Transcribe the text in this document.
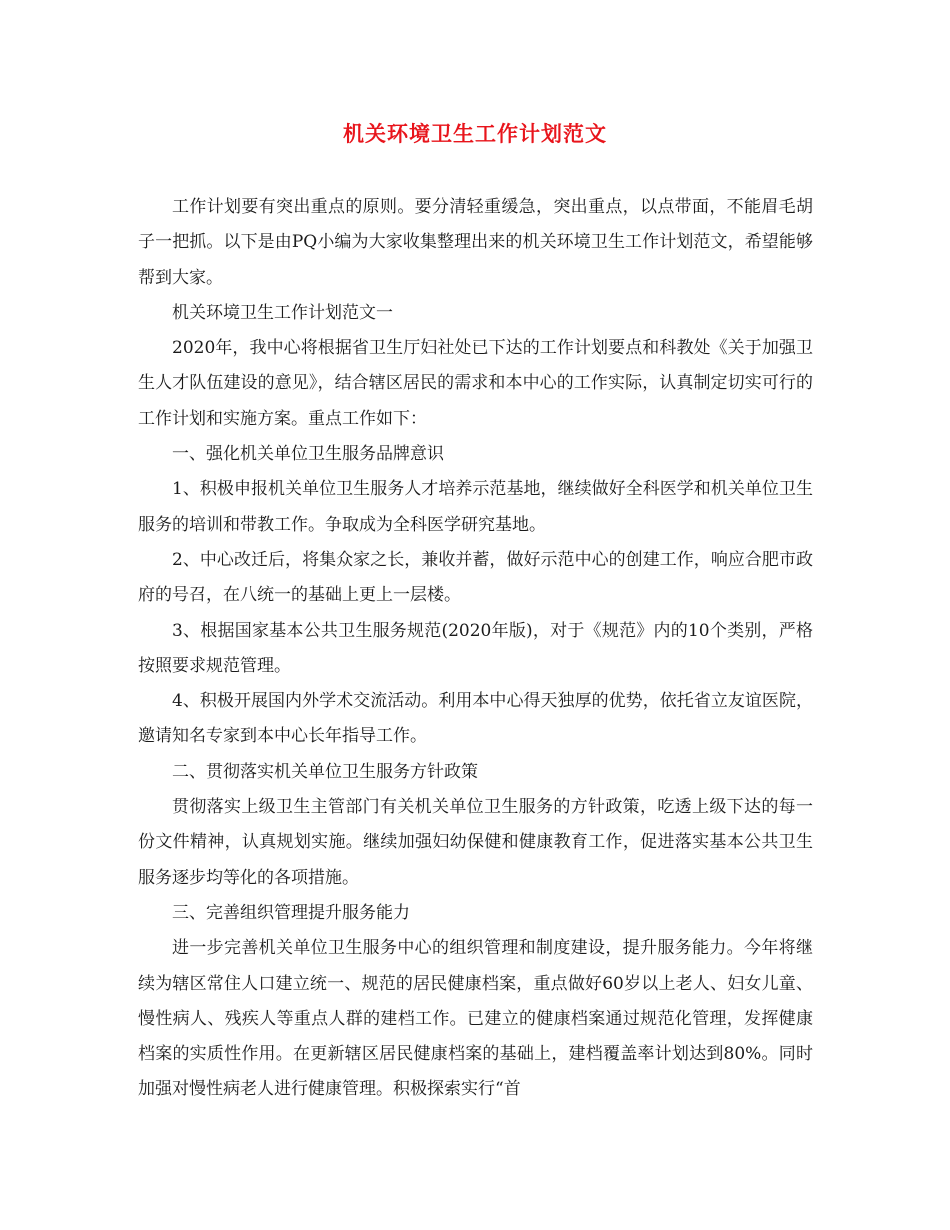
机关环境卫生工作计划范文

工作计划要有突出重点的原则。要分清轻重缓急，突出重点，以点带面，不能眉毛胡子一把抓。以下是由PQ小编为大家收集整理出来的机关环境卫生工作计划范文，希望能够帮到大家。

机关环境卫生工作计划范文一

2020年，我中心将根据省卫生厅妇社处已下达的工作计划要点和科教处《关于加强卫生人才队伍建设的意见》，结合辖区居民的需求和本中心的工作实际，认真制定切实可行的工作计划和实施方案。重点工作如下：

一、强化机关单位卫生服务品牌意识

1、积极申报机关单位卫生服务人才培养示范基地，继续做好全科医学和机关单位卫生服务的培训和带教工作。争取成为全科医学研究基地。

2、中心改迁后，将集众家之长，兼收并蓄，做好示范中心的创建工作，响应合肥市政府的号召，在八统一的基础上更上一层楼。

3、根据国家基本公共卫生服务规范(2020年版)，对于《规范》内的10个类别，严格按照要求规范管理。

4、积极开展国内外学术交流活动。利用本中心得天独厚的优势，依托省立友谊医院，邀请知名专家到本中心长年指导工作。

二、贯彻落实机关单位卫生服务方针政策

贯彻落实上级卫生主管部门有关机关单位卫生服务的方针政策，吃透上级下达的每一份文件精神，认真规划实施。继续加强妇幼保健和健康教育工作，促进落实基本公共卫生服务逐步均等化的各项措施。

三、完善组织管理提升服务能力

进一步完善机关单位卫生服务中心的组织管理和制度建设，提升服务能力。今年将继续为辖区常住人口建立统一、规范的居民健康档案，重点做好60岁以上老人、妇女儿童、慢性病人、残疾人等重点人群的建档工作。已建立的健康档案通过规范化管理，发挥健康档案的实质性作用。在更新辖区居民健康档案的基础上，建档覆盖率计划达到80%。同时加强对慢性病老人进行健康管理。积极探索实行“首
